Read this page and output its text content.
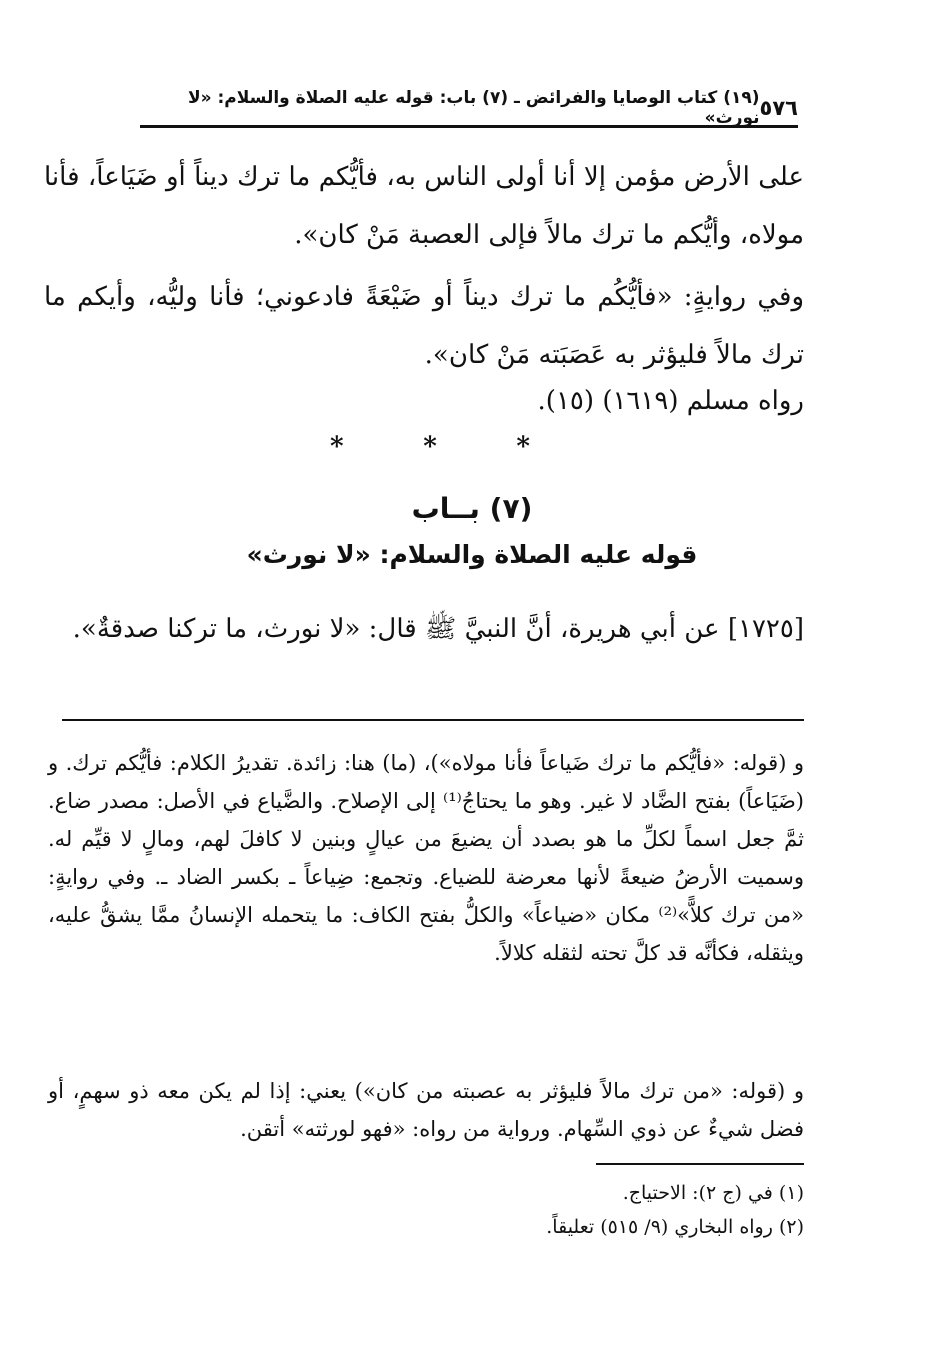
٥٧٦
(١٩) كتاب الوصايا والفرائض ـ (٧) باب: قوله عليه الصلاة والسلام: «لا نورث»
على الأرض مؤمن إلا أنا أولى الناس به، فأيُّكم ما ترك ديناً أو ضَيَاعاً، فأنا مولاه، وأيُّكم ما ترك مالاً فإلى العصبة مَنْ كان».
وفي روايةٍ: «فأيُّكُم ما ترك ديناً أو ضَيْعَةً فادعوني؛ فأنا وليُّه، وأيكم ما ترك مالاً فليؤثر به عَصَبَته مَنْ كان».
رواه مسلم (١٦١٩) (١٥).
*	*	*
(٧) بــاب
قوله عليه الصلاة والسلام: «لا نورث»
[١٧٢٥] عن أبي هريرة، أنَّ النبيَّ ﷺ قال: «لا نورث، ما تركنا صدقةٌ».
و (قوله: «فأيُّكم ما ترك ضَياعاً فأنا مولاه»)، (ما) هنا: زائدة. تقديرُ الكلام: فأيُّكم ترك. و (ضَيَاعاً) بفتح الضَّاد لا غير. وهو ما يحتاجُ⁽¹⁾ إلى الإصلاح. والضَّياع في الأصل: مصدر ضاع. ثمَّ جعل اسماً لكلِّ ما هو بصدد أن يضيعَ من عيالٍ وبنين لا كافلَ لهم، ومالٍ لا قيِّم له. وسميت الأرضُ ضيعةً لأنها معرضة للضياع. وتجمع: ضِياعاً ـ بكسر الضاد ـ. وفي روايةٍ: «من ترك كلاًّ»⁽²⁾ مكان «ضياعاً» والكلُّ بفتح الكاف: ما يتحمله الإنسانُ ممَّا يشقُّ عليه، ويثقله، فكأنَّه قد كلَّ تحته لثقله كلالاً.
و (قوله: «من ترك مالاً فليؤثر به عصبته من كان») يعني: إذا لم يكن معه ذو سهمٍ، أو فضل شيءٌ عن ذوي السِّهام. ورواية من رواه: «فهو لورثته» أتقن.
(١) في (ج ٢): الاحتياج.
(٢) رواه البخاري (٩/ ٥١٥) تعليقاً.
